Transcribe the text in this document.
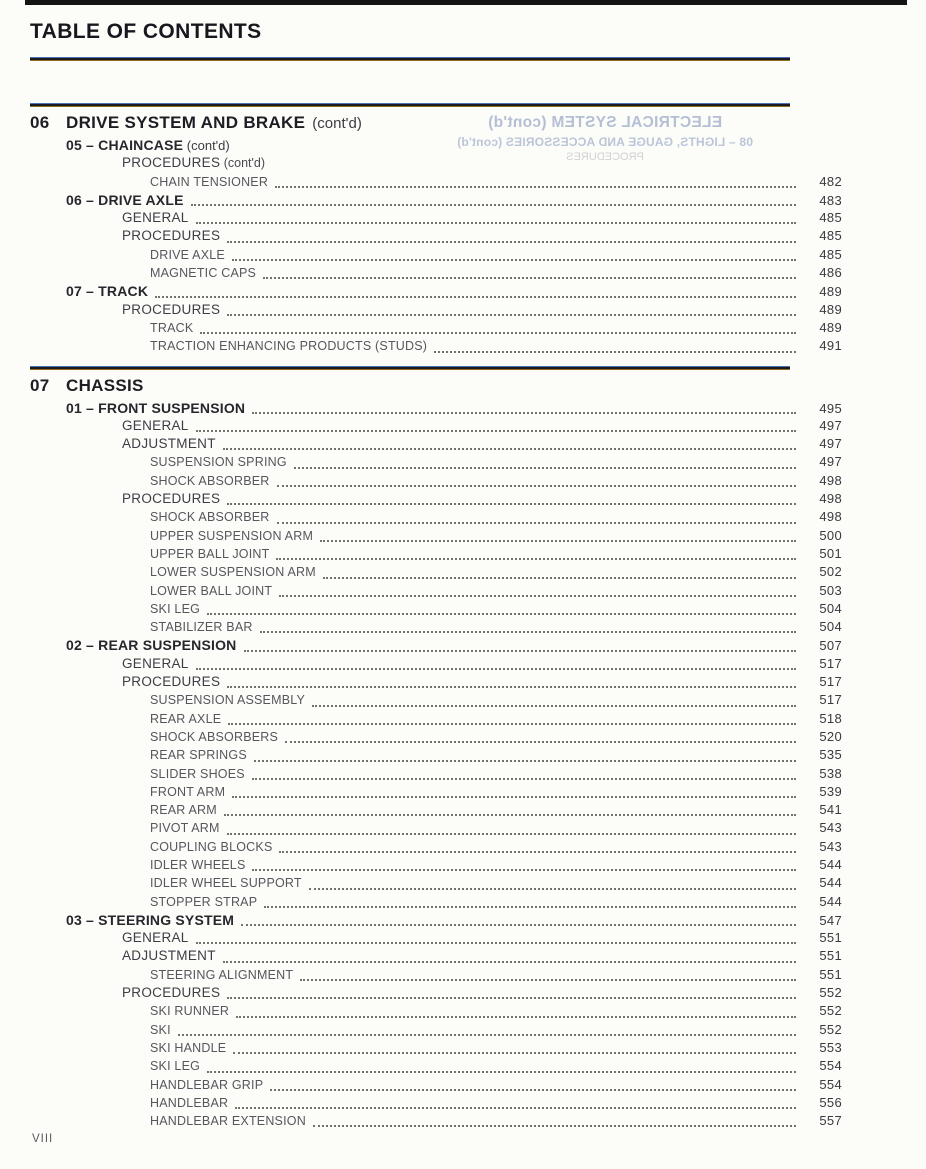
TABLE OF CONTENTS
06 DRIVE SYSTEM AND BRAKE (cont'd)
05 – CHAINCASE (cont'd)
PROCEDURES (cont'd)
CHAIN TENSIONER	482
06 – DRIVE AXLE	483
GENERAL	485
PROCEDURES	485
DRIVE AXLE	485
MAGNETIC CAPS	486
07 – TRACK	489
PROCEDURES	489
TRACK	489
TRACTION ENHANCING PRODUCTS (STUDS)	491
07 CHASSIS
01 – FRONT SUSPENSION	495
GENERAL	497
ADJUSTMENT	497
SUSPENSION SPRING	497
SHOCK ABSORBER	498
PROCEDURES	498
SHOCK ABSORBER	498
UPPER SUSPENSION ARM	500
UPPER BALL JOINT	501
LOWER SUSPENSION ARM	502
LOWER BALL JOINT	503
SKI LEG	504
STABILIZER BAR	504
02 – REAR SUSPENSION	507
GENERAL	517
PROCEDURES	517
SUSPENSION ASSEMBLY	517
REAR AXLE	518
SHOCK ABSORBERS	520
REAR SPRINGS	535
SLIDER SHOES	538
FRONT ARM	539
REAR ARM	541
PIVOT ARM	543
COUPLING BLOCKS	543
IDLER WHEELS	544
IDLER WHEEL SUPPORT	544
STOPPER STRAP	544
03 – STEERING SYSTEM	547
GENERAL	551
ADJUSTMENT	551
STEERING ALIGNMENT	551
PROCEDURES	552
SKI RUNNER	552
SKI	552
SKI HANDLE	553
SKI LEG	554
HANDLEBAR GRIP	554
HANDLEBAR	556
HANDLEBAR EXTENSION	557
ELECTRICAL SYSTEM (cont'd)
08 – LIGHTS, GAUGE AND ACCESSORIES (cont'd)
PROCEDURES
VIII
